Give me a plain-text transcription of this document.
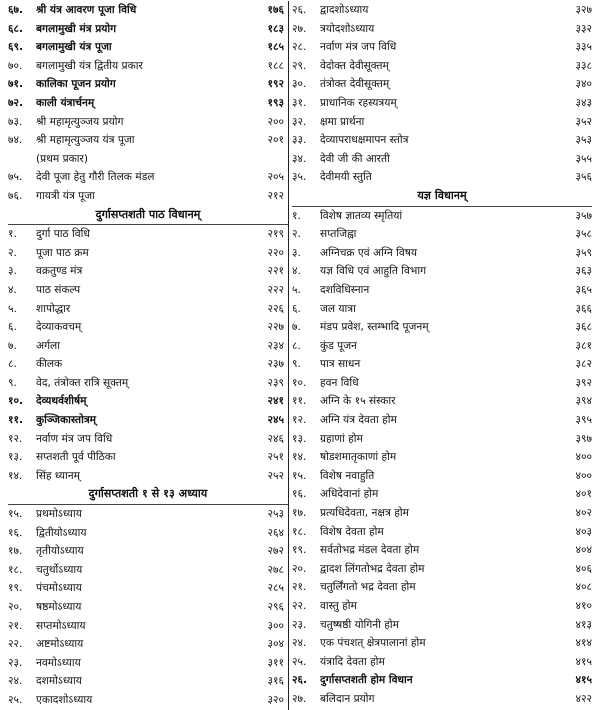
६७.	श्री यंत्र आवरण पूजा विधि	१७६
६८.	बगलामुखी मंत्र प्रयोग	१८३
६९.	बगलामुखी यंत्र पूजा	१८५
७०.	बगलामुखी यंत्र द्वितीय प्रकार	१८८
७१.	कालिका पूजन प्रयोग	१९२
७२.	काली यंत्रार्चनम्	१९३
७३.	श्री महामृत्युञ्जय प्रयोग	२००
७४.	श्री महामृत्युञ्जय यंत्र पूजा	२०१
(प्रथम प्रकार)
७५.	देवी पूजा हेतु गौरी तिलक मंडल	२०५
७६.	गायत्री यंत्र पूजा	२१२
दुर्गासप्तशती पाठ विधानम्
१.	दुर्गा पाठ विधि	२१९
२.	पूजा पाठ क्रम	२२०
३.	वक्रतुण्ड मंत्र	२२१
४.	पाठ संकल्प	२२२
५.	शापोद्धार	२२६
६.	देव्याकवचम्	२२७
७.	अर्गला	२३४
८.	कीलक	२३७
९.	वेद, तंत्रोक्त रात्रि सूक्तम्	२३९
१०.	देव्यथर्वशीर्षम्	२४१
११.	कुञ्जिकास्तोत्रम्	२४५
१२.	नर्वाण मंत्र जप विधि	२४६
१३.	सप्तशती पूर्व पीठिका	२५१
१४.	सिंह ध्यानम्	२५२
दुर्गासप्तशती १ से १३ अध्याय
१५.	प्रथमोऽध्याय	२५३
१६.	द्वितीयोऽध्याय	२६४
१७.	तृतीयोऽध्याय	२७२
१८.	चतुर्थोऽध्याय	२७८
१९.	पंचमोऽध्याय	२८५
२०.	षष्ठमोऽध्याय	२९६
२१.	सप्तमोऽध्याय	३००
२२.	अष्टमोऽध्याय	३०४
२३.	नवमोऽध्याय	३११
२४.	दशमोऽध्याय	३१६
२५.	एकादशोऽध्याय	३२०
२६.	द्वादशोऽध्याय	३२७
२७.	त्रयोदशोऽध्याय	३३२
२८.	नर्वाण मंत्र जप विधि	३३५
२९.	वेदोक्त देवीसूक्तम्	३३८
३०.	तंत्रोक्त देवीसूक्तम्	३४०
३१.	प्राधानिक रहस्यत्रयम्	३४३
३२.	क्षमा प्रार्थना	३५२
३३.	देव्यापराधक्षमापन स्तोत्र	३५३
३४.	देवी जी की आरती	३५५
३५.	देवीमयी स्तुति	३५६
यज्ञ विधानम्
१.	विशेष ज्ञातव्य स्मृतियां	३५७
२.	सप्तजिह्वा	३५८
३.	अग्निचक्र एवं अग्नि विषय	३५९
४.	यज्ञ विधि एवं आहुति विभाग	३६३
५.	दशविधिस्नान	३६५
६.	जल यात्रा	३६६
७.	मंडप प्रवेश, स्तम्भादि पूजनम्	३६८
८.	कुंड पूजन	३८१
९.	पात्र साधन	३८२
१०.	हवन विधि	३९२
११.	अग्नि के १५ संस्कार	३९४
१२.	अग्नि यंत्र देवता होम	३९५
१३.	ग्रहाणां होम	३९७
१४.	षोडशमातृकाणां होम	४००
१५.	विशेष नवाहुति	४००
१६.	अधिदेवानां होम	४०१
१७.	प्रत्यधिदेवता, नक्षत्र होम	४०२
१८.	विशेष देवता होम	४०३
१९.	सर्वतोभद्र मंडल देवता होम	४०४
२०.	द्वादश लिंगतोभद्र देवता होम	४०६
२१.	चतुर्लिंगतो भद्र देवता होम	४०८
२२.	वास्तु होम	४१०
२३.	चतुष्षष्ठी योगिनी होम	४१३
२४.	एक पंचशत् क्षेत्रपालानां होम	४१४
२५.	यंत्रादि देवता होम	४१५
२६.	दुर्गासप्तशती होम विधान	४१५
२७.	बलिदान प्रयोग	४२२
